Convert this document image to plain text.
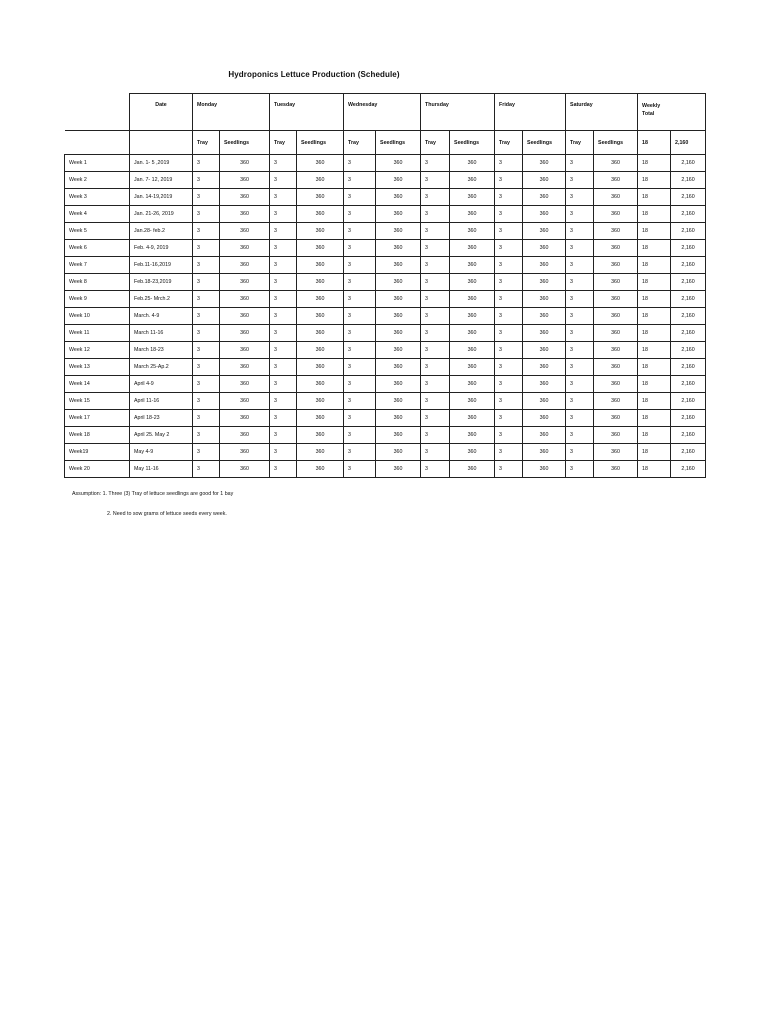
Hydroponics Lettuce Production (Schedule)
	Date	Monday		Tuesday		Wednesday		Thursday		Friday		Saturday		Weekly Total	
		Tray	Seedlings	Tray	Seedlings	Tray	Seedlings	Tray	Seedlings	Tray	Seedlings	Tray	Seedlings	18	2,160
Week 1	Jan. 1- 5 ,2019	3	360	3	360	3	360	3	360	3	360	3	360	18	2,160
Week 2	Jan. 7- 12, 2019	3	360	3	360	3	360	3	360	3	360	3	360	18	2,160
Week 3	Jan. 14-19,2019	3	360	3	360	3	360	3	360	3	360	3	360	18	2,160
Week 4	Jan. 21-26, 2019	3	360	3	360	3	360	3	360	3	360	3	360	18	2,160
Week 5	Jan.28- feb.2	3	360	3	360	3	360	3	360	3	360	3	360	18	2,160
Week 6	Feb. 4-9, 2019	3	360	3	360	3	360	3	360	3	360	3	360	18	2,160
Week 7	Feb.11-16,2019	3	360	3	360	3	360	3	360	3	360	3	360	18	2,160
Week 8	Feb.18-23,2019	3	360	3	360	3	360	3	360	3	360	3	360	18	2,160
Week 9	Feb.25- Mrch.2	3	360	3	360	3	360	3	360	3	360	3	360	18	2,160
Week 10	March. 4-9	3	360	3	360	3	360	3	360	3	360	3	360	18	2,160
Week 11	March 11-16	3	360	3	360	3	360	3	360	3	360	3	360	18	2,160
Week 12	March 18-23	3	360	3	360	3	360	3	360	3	360	3	360	18	2,160
Week 13	March 25-Ap.2	3	360	3	360	3	360	3	360	3	360	3	360	18	2,160
Week 14	April 4-9	3	360	3	360	3	360	3	360	3	360	3	360	18	2,160
Week 15	April 11-16	3	360	3	360	3	360	3	360	3	360	3	360	18	2,160
Week 17	April 18-23	3	360	3	360	3	360	3	360	3	360	3	360	18	2,160
Week 18	April 25. May 2	3	360	3	360	3	360	3	360	3	360	3	360	18	2,160
Week19	May 4-9	3	360	3	360	3	360	3	360	3	360	3	360	18	2,160
Week 20	May 11-16	3	360	3	360	3	360	3	360	3	360	3	360	18	2,160
Assumption: 1. Three (3) Tray of lettuce seedlings are good for 1 bay
2. Need to sow grams of lettuce seeds every week.
